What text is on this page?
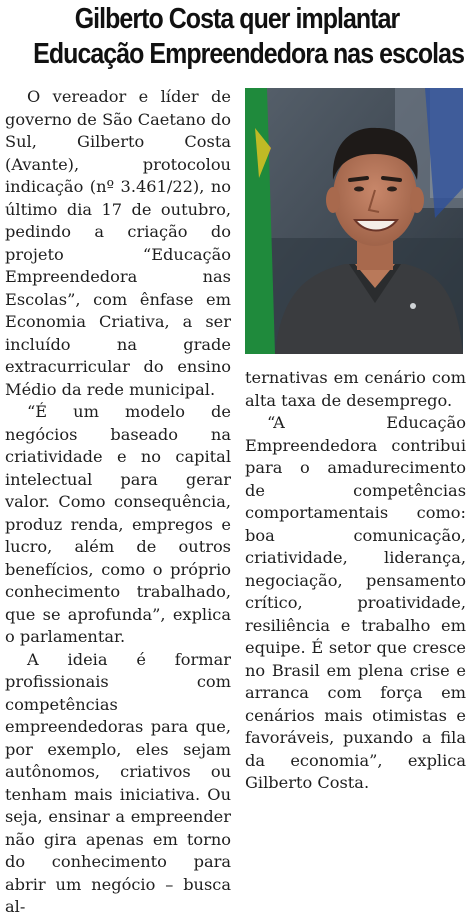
Gilberto Costa quer implantar
Educação Empreendedora nas escolas

O vereador e líder de governo de São Caetano do Sul, Gilberto Costa (Avante), protocolou indicação (nº 3.461/22), no último dia 17 de outubro, pedindo a criação do projeto “Educação Empreendedora nas Escolas”, com ênfase em Economia Criativa, a ser incluído na grade extracurricular do ensino Médio da rede municipal.

“É um modelo de negócios baseado na criatividade e no capital intelectual para gerar valor. Como consequência, produz renda, empregos e lucro, além de outros benefícios, como o próprio conhecimento trabalhado, que se aprofunda”, explica o parlamentar.

A ideia é formar profissionais com competências empreendedoras para que, por exemplo, eles sejam autônomos, criativos ou tenham mais iniciativa. Ou seja, ensinar a empreender não gira apenas em torno do conhecimento para abrir um negócio – busca al-

ternativas em cenário com alta taxa de desemprego.

“A Educação Empreendedora contribui para o amadurecimento de competências comportamentais como: boa comunicação, criatividade, liderança, negociação, pensamento crítico, proatividade, resiliência e trabalho em equipe. É setor que cresce no Brasil em plena crise e arranca com força em cenários mais otimistas e favoráveis, puxando a fila da economia”, explica Gilberto Costa.
